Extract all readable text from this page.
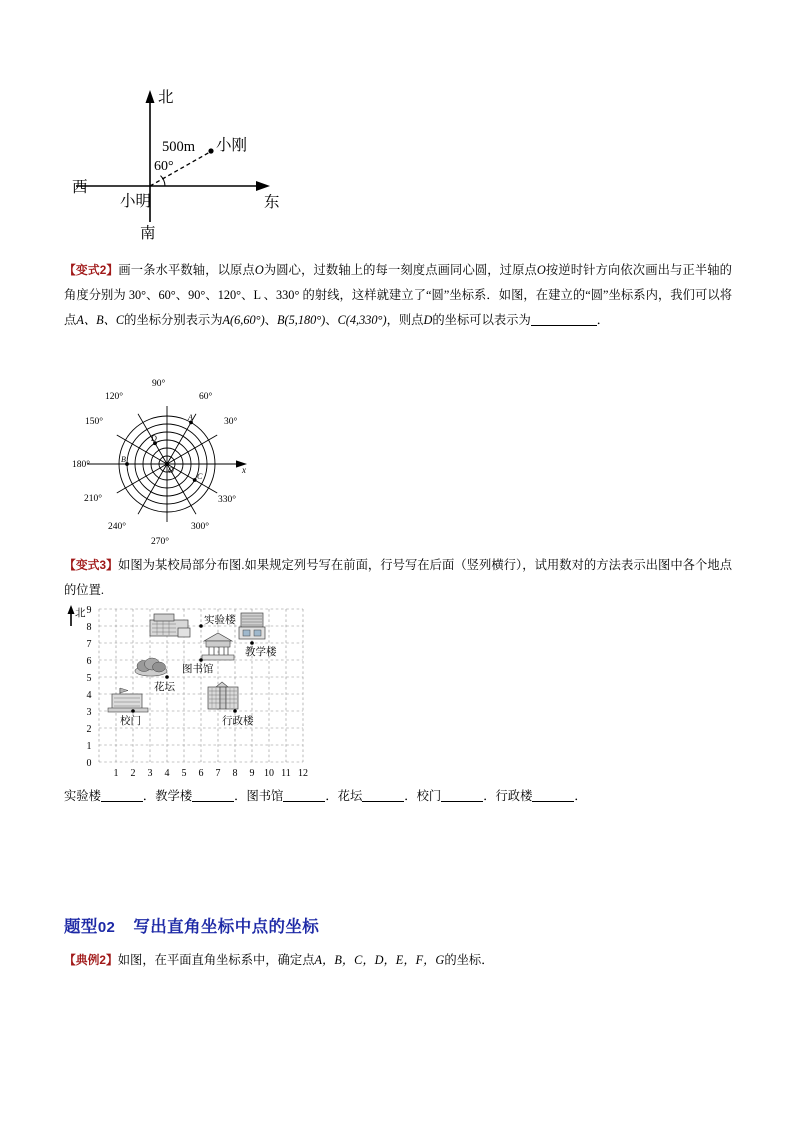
北
南
西
东
小明
小刚
500m
60°
【变式2】画一条水平数轴，以原点O为圆心，过数轴上的每一刻度点画同心圆，过原点O按逆时针方向依次画出与正半轴的角度分别为 30°、60°、90°、120°、L 、330° 的射线，这样就建立了“圆”坐标系．如图，在建立的“圆”坐标系内，我们可以将点A、B、C的坐标分别表示为A(6,60°)、B(5,180°)、C(4,330°)，则点D的坐标可以表示为	．
A
B
C
D
O	x
90°
60°
30°
120°
150°
180°
210°
240°
270°
300°
330°
【变式3】如图为某校局部分布图.如果规定列号写在前面，行号写在后面（竖列横行），试用数对的方法表示出图中各个地点的位置.
北 9
8
7
6
5
4
3
2
1
0
1 2 3 4 5 6 7 8 9 10 11 12
实验楼
教学楼
图书馆
花坛
校门	行政楼
实验楼	．教学楼	．图书馆	．花坛	．校门	．行政楼	．
题型02 写出直角坐标中点的坐标
【典例2】如图，在平面直角坐标系中，确定点A，B，C，D，E，F，G的坐标．
